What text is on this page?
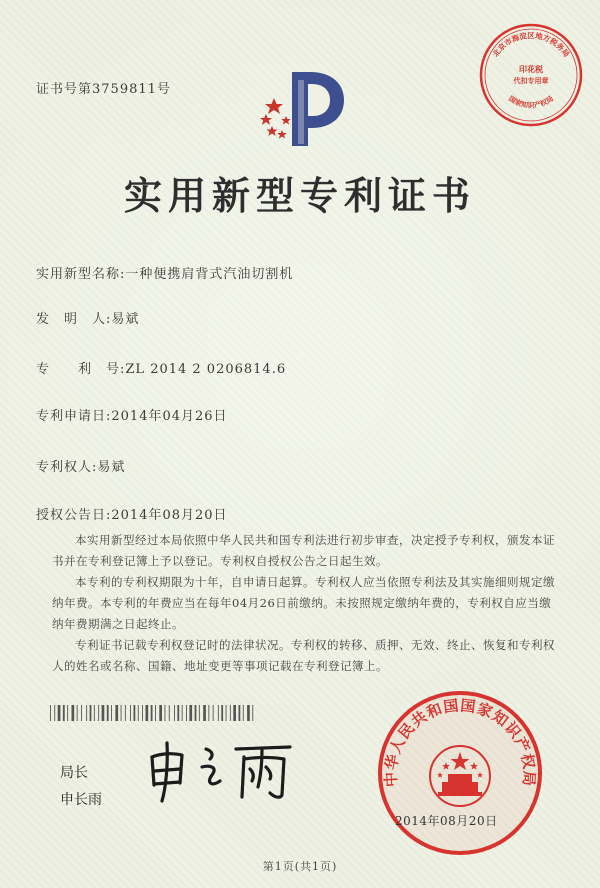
证书号第3759811号
北京市海淀区地方税务局
印花税
代扣专用章
国家知识产权局
实用新型专利证书
实用新型名称:一种便携肩背式汽油切割机
发　明　人:易斌
专　　利　号:ZL 2014 2 0206814.6
专利申请日:2014年04月26日
专利权人:易斌
授权公告日:2014年08月20日

本实用新型经过本局依照中华人民共和国专利法进行初步审查，决定授予专利权，颁发本证书并在专利登记簿上予以登记。专利权自授权公告之日起生效。

本专利的专利权期限为十年，自申请日起算。专利权人应当依照专利法及其实施细则规定缴纳年费。本专利的年费应当在每年04月26日前缴纳。未按照规定缴纳年费的，专利权自应当缴纳年费期满之日起终止。

专利证书记载专利权登记时的法律状况。专利权的转移、质押、无效、终止、恢复和专利权人的姓名或名称、国籍、地址变更等事项记载在专利登记簿上。

局长
申长雨
中华人民共和国国家知识产权局
2014年08月20日
第1页(共1页)
